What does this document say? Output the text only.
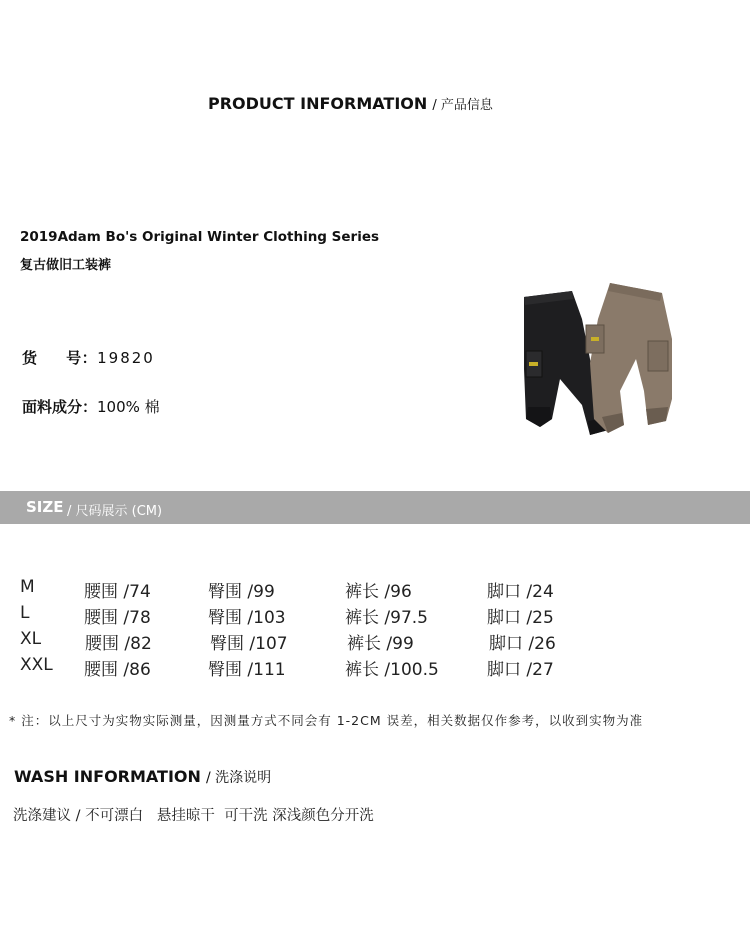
PRODUCT INFORMATION / 产品信息
2019Adam Bo's Original Winter Clothing Series
复古做旧工装裤
货     号：19820
面料成分：100% 棉
SIZE / 尺码展示 (CM)
M	腰围 /74	臀围 /99	裤长 /96	脚口 /24
L	腰围 /78	臀围 /103	裤长 /97.5	脚口 /25
XL	腰围 /82	臀围 /107	裤长 /99	脚口 /26
XXL 腰围 /86	臀围 /111	裤长 /100.5	脚口 /27
* 注：以上尺寸为实物实际测量，因测量方式不同会有 1-2CM 误差，相关数据仅作参考，以收到实物为准
WASH INFORMATION / 洗涤说明
洗涤建议 / 不可漂白   悬挂晾干  可干洗 深浅颜色分开洗
